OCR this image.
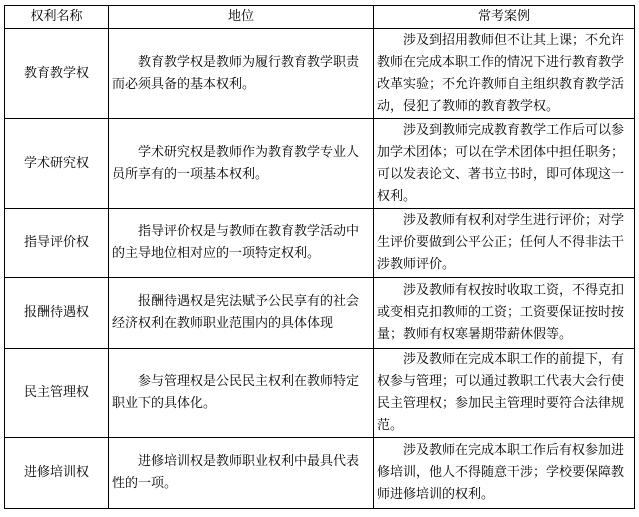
权利名称	地位	常考案例
教育教学权	教育教学权是教师为履行教育教学职责而必须具备的基本权利。	涉及到招用教师但不让其上课；不允许教师在完成本职工作的情况下进行教育教学改革实验；不允许教师自主组织教育教学活动，侵犯了教师的教育教学权。
学术研究权	学术研究权是教师作为教育教学专业人员所享有的一项基本权利。	涉及到教师完成教育教学工作后可以参加学术团体；可以在学术团体中担任职务；可以发表论文、著书立书时，即可体现这一权利。
指导评价权	指导评价权是与教师在教育教学活动中的主导地位相对应的一项特定权利。	涉及教师有权利对学生进行评价；对学生评价要做到公平公正；任何人不得非法干涉教师评价。
报酬待遇权	报酬待遇权是宪法赋予公民享有的社会经济权利在教师职业范围内的具体体现	涉及教师有权按时收取工资，不得克扣或变相克扣教师的工资；工资要保证按时按量；教师有权寒暑期带薪休假等。
民主管理权	参与管理权是公民民主权利在教师特定职业下的具体化。	涉及教师在完成本职工作的前提下，有权参与管理；可以通过教职工代表大会行使民主管理权；参加民主管理时要符合法律规范。
进修培训权	进修培训权是教师职业权利中最具代表性的一项。	涉及教师在完成本职工作后有权参加进修培训，他人不得随意干涉；学校要保障教师进修培训的权利。
